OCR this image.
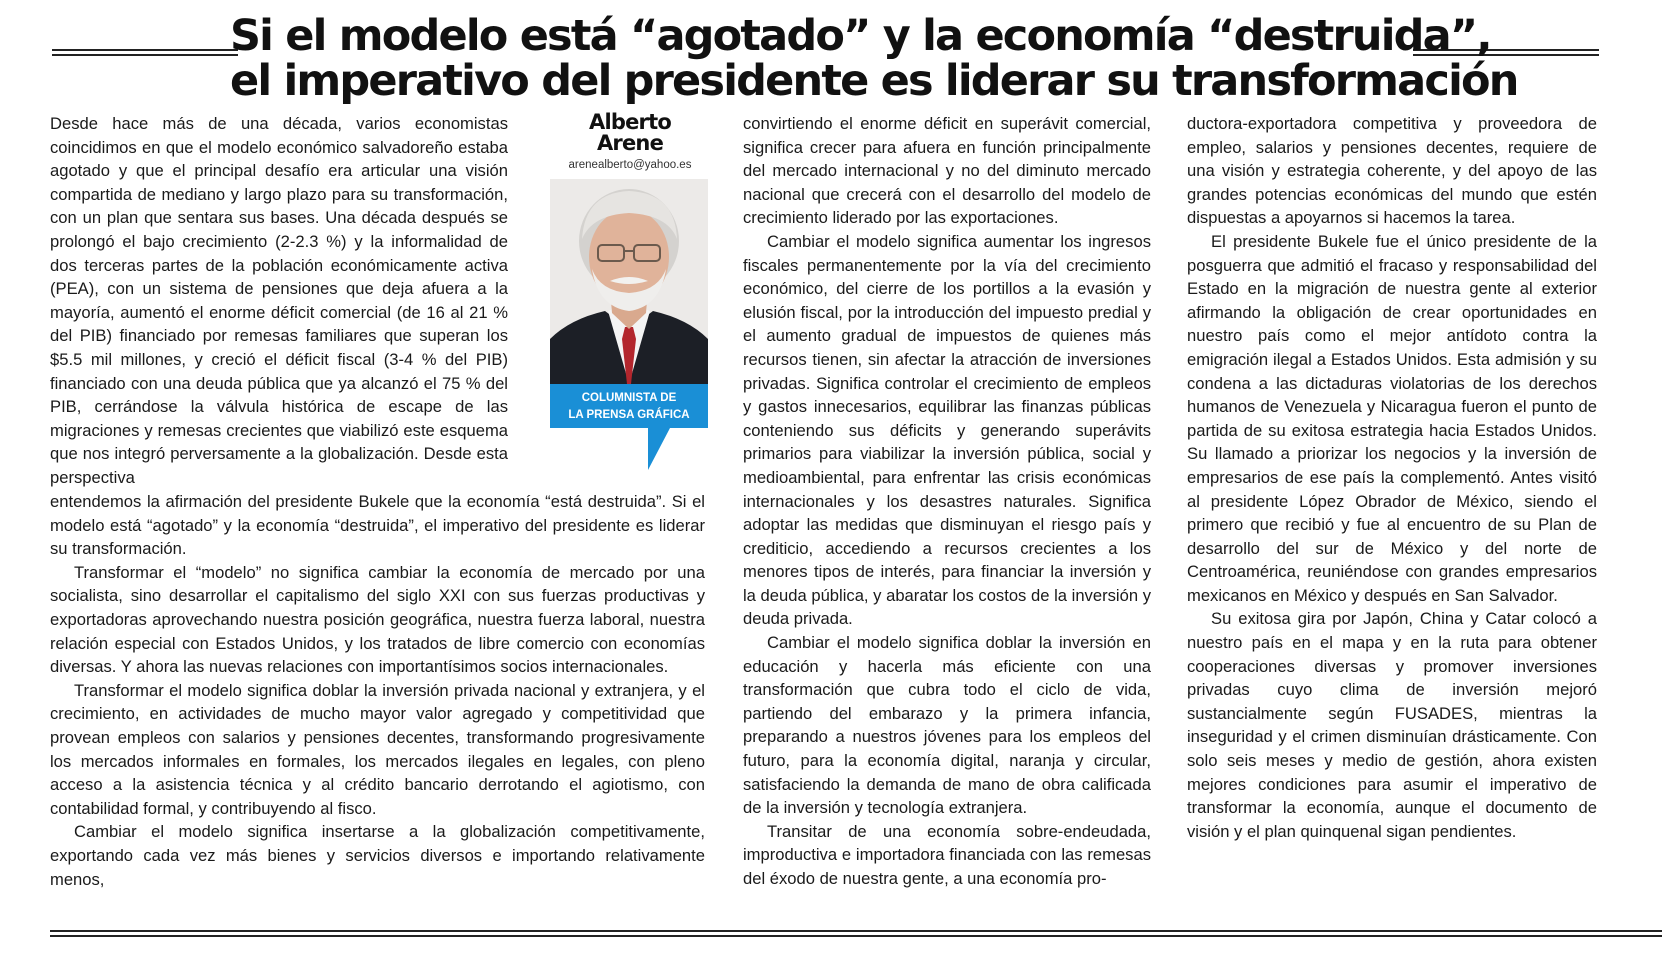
Si el modelo está “agotado” y la economía “destruida”,
el imperativo del presidente es liderar su transformación
Alberto
Arene
arenealberto@yahoo.es
COLUMNISTA DE
LA PRENSA GRÁFICA

Desde hace más de una década, varios economistas coincidimos en que el modelo económico salvadoreño estaba agotado y que el principal desafío era articular una visión compartida de mediano y largo plazo para su transformación, con un plan que sentara sus bases. Una década después se prolongó el bajo crecimiento (2-2.3 %) y la informalidad de dos terceras partes de la población económicamente activa (PEA), con un sistema de pensiones que deja afuera a la mayoría, aumentó el enorme déficit comercial (de 16 al 21 % del PIB) financiado por remesas familiares que superan los $5.5 mil millones, y creció el déficit fiscal (3-4 % del PIB) financiado con una deuda pública que ya alcanzó el 75 % del PIB, cerrándose la válvula histórica de escape de las migraciones y remesas crecientes que viabilizó este esquema que nos integró perversamente a la globalización. Desde esta perspectiva

entendemos la afirmación del presidente Bukele que la economía “está destruida”. Si el modelo está “agotado” y la economía “destruida”, el imperativo del presidente es liderar su transformación.

Transformar el “modelo” no significa cambiar la economía de mercado por una socialista, sino desarrollar el capitalismo del siglo XXI con sus fuerzas productivas y exportadoras aprovechando nuestra posición geográfica, nuestra fuerza laboral, nuestra relación especial con Estados Unidos, y los tratados de libre comercio con economías diversas. Y ahora las nuevas relaciones con importantísimos socios internacionales.

Transformar el modelo significa doblar la inversión privada nacional y extranjera, y el crecimiento, en actividades de mucho mayor valor agregado y competitividad que provean empleos con salarios y pensiones decentes, transformando progresivamente los mercados informales en formales, los mercados ilegales en legales, con pleno acceso a la asistencia técnica y al crédito bancario derrotando el agiotismo, con contabilidad formal, y contribuyendo al fisco.

Cambiar el modelo significa insertarse a la globalización competitivamente, exportando cada vez más bienes y servicios diversos e importando relativamente menos,

convirtiendo el enorme déficit en superávit comercial, significa crecer para afuera en función principalmente del mercado internacional y no del diminuto mercado nacional que crecerá con el desarrollo del modelo de crecimiento liderado por las exportaciones.

Cambiar el modelo significa aumentar los ingresos fiscales permanentemente por la vía del crecimiento económico, del cierre de los portillos a la evasión y elusión fiscal, por la introducción del impuesto predial y el aumento gradual de impuestos de quienes más recursos tienen, sin afectar la atracción de inversiones privadas. Significa controlar el crecimiento de empleos y gastos innecesarios, equilibrar las finanzas públicas conteniendo sus déficits y generando superávits primarios para viabilizar la inversión pública, social y medioambiental, para enfrentar las crisis económicas internacionales y los desastres naturales. Significa adoptar las medidas que disminuyan el riesgo país y crediticio, accediendo a recursos crecientes a los menores tipos de interés, para financiar la inversión y la deuda pública, y abaratar los costos de la inversión y deuda privada.

Cambiar el modelo significa doblar la inversión en educación y hacerla más eficiente con una transformación que cubra todo el ciclo de vida, partiendo del embarazo y la primera infancia, preparando a nuestros jóvenes para los empleos del futuro, para la economía digital, naranja y circular, satisfaciendo la demanda de mano de obra calificada de la inversión y tecnología extranjera.

Transitar de una economía sobre-endeudada, improductiva e importadora financiada con las remesas del éxodo de nuestra gente, a una economía pro-

ductora-exportadora competitiva y proveedora de empleo, salarios y pensiones decentes, requiere de una visión y estrategia coherente, y del apoyo de las grandes potencias económicas del mundo que estén dispuestas a apoyarnos si hacemos la tarea.

El presidente Bukele fue el único presidente de la posguerra que admitió el fracaso y responsabilidad del Estado en la migración de nuestra gente al exterior afirmando la obligación de crear oportunidades en nuestro país como el mejor antídoto contra la emigración ilegal a Estados Unidos. Esta admisión y su condena a las dictaduras violatorias de los derechos humanos de Venezuela y Nicaragua fueron el punto de partida de su exitosa estrategia hacia Estados Unidos. Su llamado a priorizar los negocios y la inversión de empresarios de ese país la complementó. Antes visitó al presidente López Obrador de México, siendo el primero que recibió y fue al encuentro de su Plan de desarrollo del sur de México y del norte de Centroamérica, reuniéndose con grandes empresarios mexicanos en México y después en San Salvador.

Su exitosa gira por Japón, China y Catar colocó a nuestro país en el mapa y en la ruta para obtener cooperaciones diversas y promover inversiones privadas cuyo clima de inversión mejoró sustancialmente según FUSADES, mientras la inseguridad y el crimen disminuían drásticamente. Con solo seis meses y medio de gestión, ahora existen mejores condiciones para asumir el imperativo de transformar la economía, aunque el documento de visión y el plan quinquenal sigan pendientes.
